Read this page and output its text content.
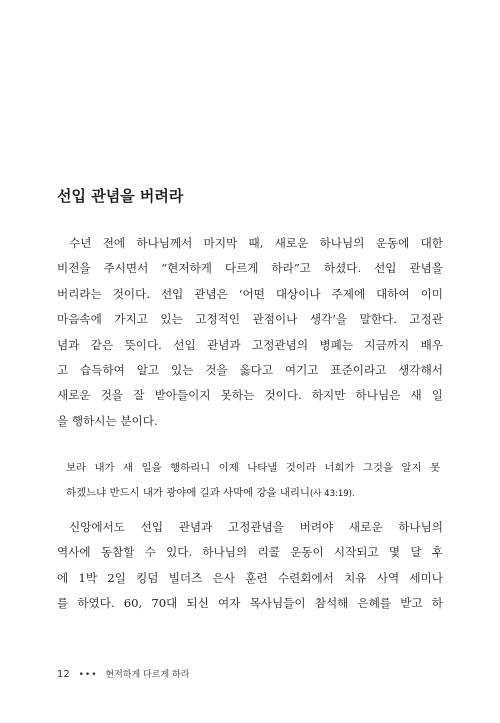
선입 관념을 버려라
수년 전에 하나님께서 마지막 때, 새로운 하나님의 운동에 대한
비전을 주시면서 “현저하게 다르게 하라”고 하셨다. 선입 관념을
버리라는 것이다. 선입 관념은 ‘어떤 대상이나 주제에 대하여 이미
마음속에 가지고 있는 고정적인 관점이나 생각’을 말한다. 고정관
념과 같은 뜻이다. 선입 관념과 고정관념의 병폐는 지금까지 배우
고 습득하여 알고 있는 것을 옳다고 여기고 표준이라고 생각해서
새로운 것을 잘 받아들이지 못하는 것이다. 하지만 하나님은 새 일
을 행하시는 분이다.
보라 내가 새 일을 행하리니 이제 나타낼 것이라 너희가 그것을 알지 못
하겠느냐 반드시 내가 광야에 길과 사막에 강을 내리니(사 43:19).
신앙에서도 선입 관념과 고정관념을 버려야 새로운 하나님의
역사에 동참할 수 있다. 하나님의 리콜 운동이 시작되고 몇 달 후
에 1박 2일 킹덤 빌더즈 은사 훈련 수련회에서 치유 사역 세미나
를 하였다. 60, 70대 되신 여자 목사님들이 참석해 은혜를 받고 하
12 ••• 현저하게 다르게 하라
